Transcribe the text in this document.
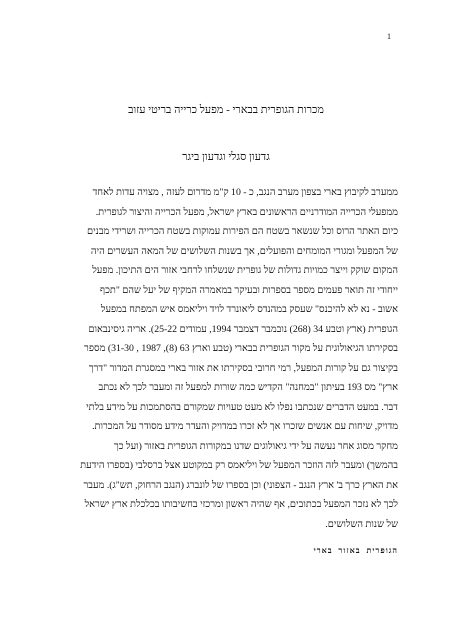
1
מכרות הגופרית בבארי - מפעל כרייה בריטי עזוב
גדעון סגלי וגדעון ביגר
ממערב לקיבוץ בארי בצפון מערב הנגב, כ - 10 ק"מ מדרום לעזה , מצויה עדות לאחד
ממפעלי הכרייה המודרניים הראשונים בארץ ישראל, מפעל הכרייה והיצור לגופרית.
כיום האתר הרוס וכל שנשאר בשטח הם הפירות עמוקות בשטח הכרייה ושרידי מבנים
של המפעל ומגורי המומחים והפועלים, אך בשנות השלושים של המאה העשרים היה
המקום שוקק וייצר כמויות גדולות של גופרית שנשלחו לרחבי אזור הים התיכון. מפעל
ייחודי זה תואר פעמים מספר בספרות ובעיקר במאמרה המקיף של יעל שהם "תכף
אשוב - נא לא להיכנס" שעסק במהנדס ליאונרד לויד ויליאמס איש המפתח במפעל
הגופרית (ארץ וטבע 34 (268) נובמבר דצמבר 1994, עמודים 25-22). אריה גיסינבאום
בסקירתו הגיאולוגית על מקור הגופרית בבארי (טבע וארץ 63 (8), 1987 , 31-30) מספר
בקיצור גם על קורות המפעל, רמי חרובי בסקירתו את אזור בארי במסגרת המדור "דרך
ארץ" מס 193 בעיתון "במחנה" הקדיש כמה שורות למפעל זה ומעבר לכך לא נכתב
דבר. במעט הדברים שנכתבו נפלו לא מעט טעויות שמקורם בהסתמכות על מידע בלתי
מדויק, שיחות עם אנשים שזכרו אך לא זכרו במדויק והעדר מידע מסודר על המכרות.
מחקר מסוג אחר נעשה על ידי גיאולוגים שדנו במקורות הגופרית באזור (ועל כך
בהמשך) ומעבר לזה הוזכר המפעל של ויליאמס רק במקוטע אצל ברסלבי (בספרו הידעת
את הארץ כרך ב' ארץ הנגב - הצפוני) וכן בספרו של לונברג (הנגב הרחוק, תש"ג). מעבר
לכך לא נזכר המפעל בכתובים, אף שהיה ראשון ומרכזי בחשיבותו בכלכלת ארץ ישראל
של שנות השלושים.
הגופרית באזור בארי
